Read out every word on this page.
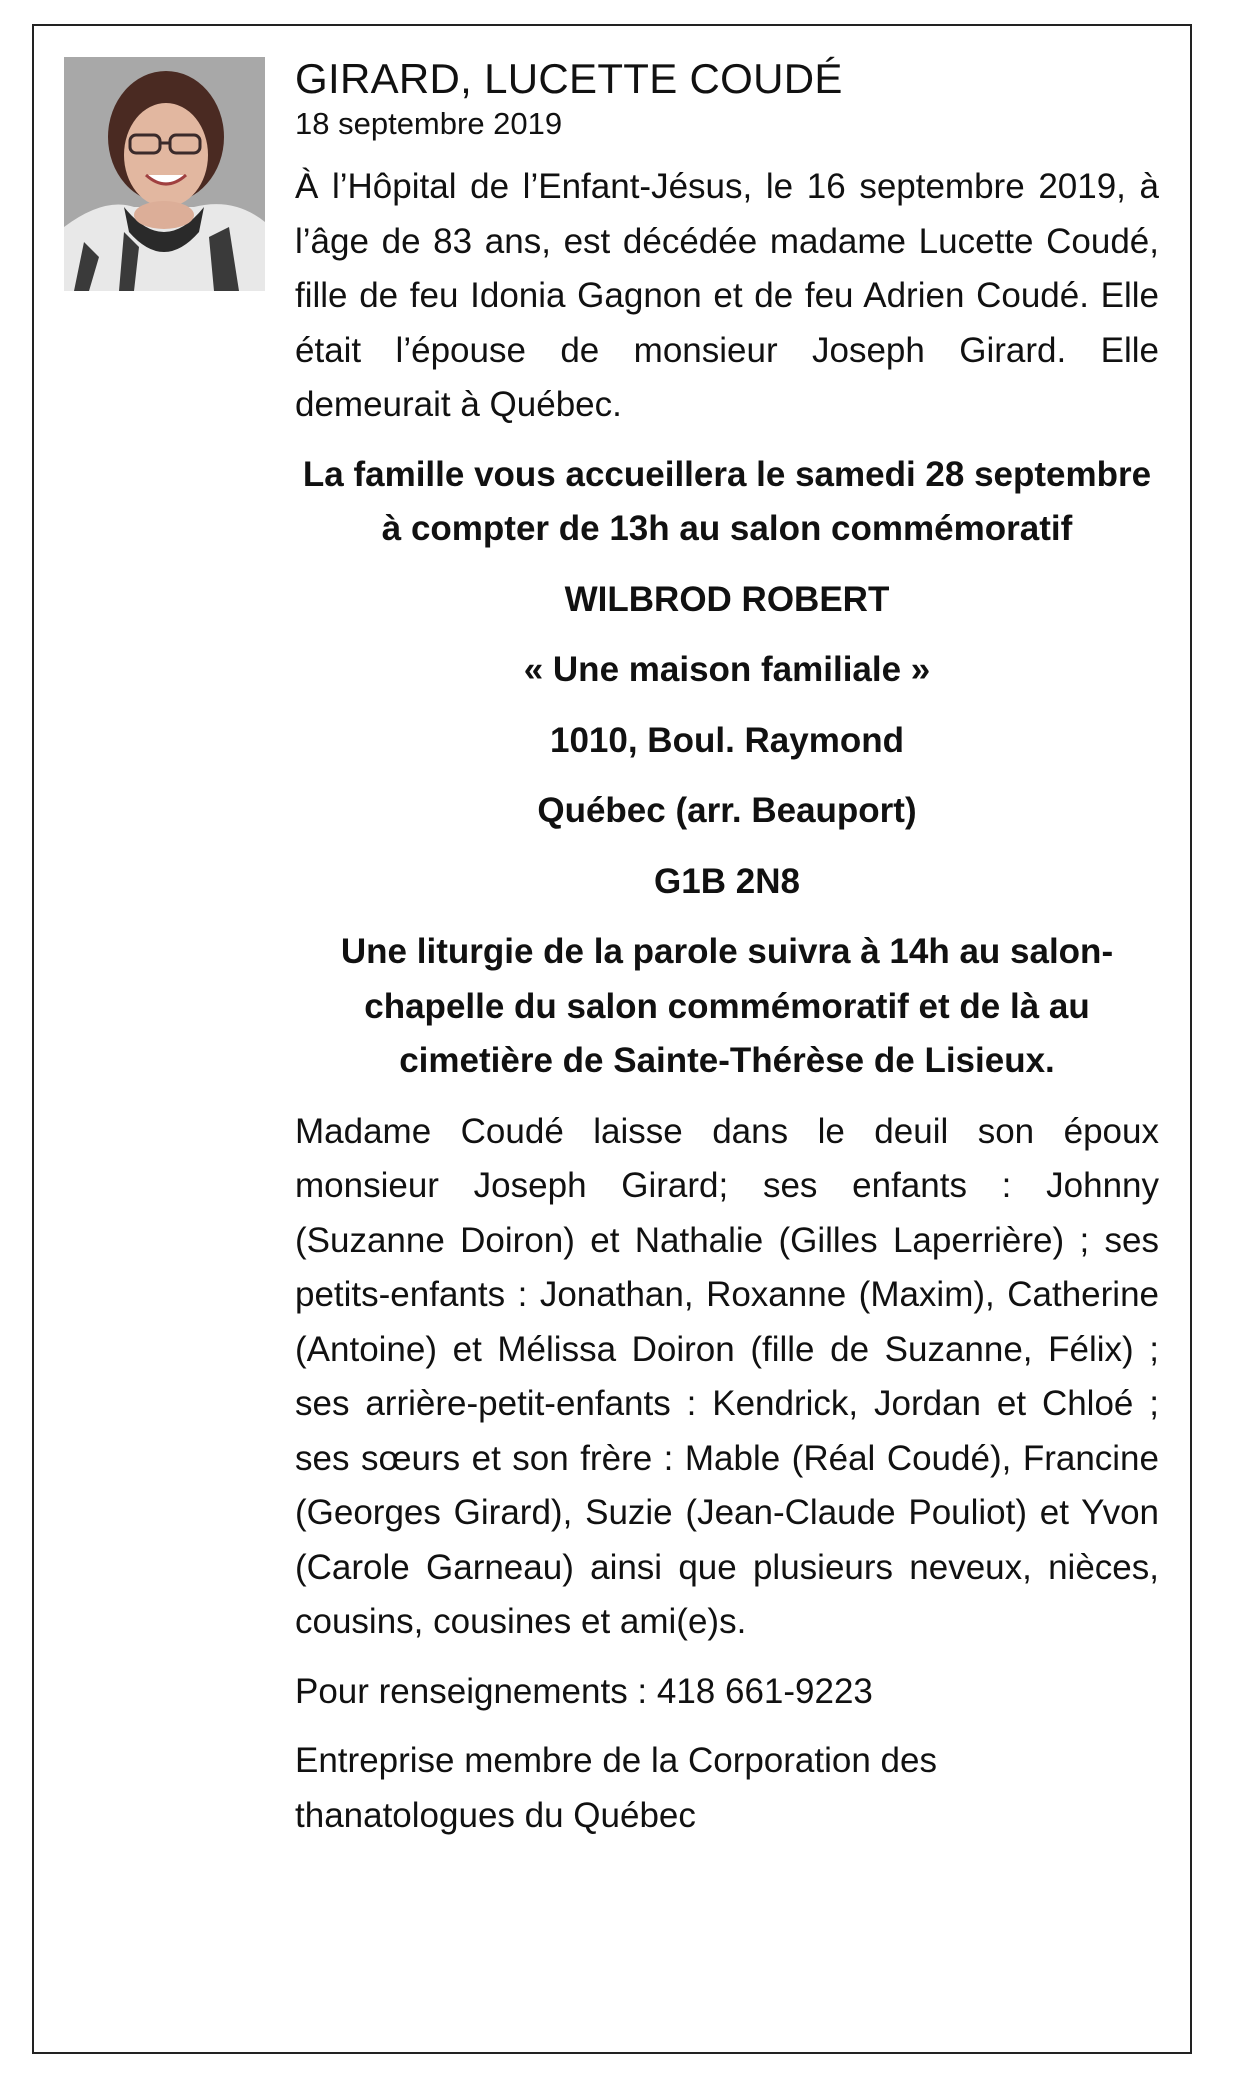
GIRARD, LUCETTE COUDÉ
18 septembre 2019

À l’Hôpital de l’Enfant-Jésus, le 16 septembre 2019, à l’âge de 83 ans, est décédée madame Lucette Coudé, fille de feu Idonia Gagnon et de feu Adrien Coudé. Elle était l’épouse de monsieur Joseph Girard. Elle demeurait à Québec.

La famille vous accueillera le samedi 28 septembre à compter de 13h au salon commémoratif

WILBROD ROBERT

« Une maison familiale »

1010, Boul. Raymond

Québec (arr. Beauport)

G1B 2N8

Une liturgie de la parole suivra à 14h au salon-chapelle du salon commémoratif et de là au cimetière de Sainte-Thérèse de Lisieux.

Madame Coudé laisse dans le deuil son époux monsieur Joseph Girard; ses enfants : Johnny (Suzanne Doiron) et Nathalie (Gilles Laperrière) ; ses petits-enfants : Jonathan, Roxanne (Maxim), Catherine (Antoine) et Mélissa Doiron (fille de Suzanne, Félix) ; ses arrière-petit-enfants : Kendrick, Jordan et Chloé ; ses sœurs et son frère : Mable (Réal Coudé), Francine (Georges Girard), Suzie (Jean-Claude Pouliot) et Yvon (Carole Garneau) ainsi que plusieurs neveux, nièces, cousins, cousines et ami(e)s.

Pour renseignements : 418 661-9223

Entreprise membre de la Corporation des thanatologues du Québec
